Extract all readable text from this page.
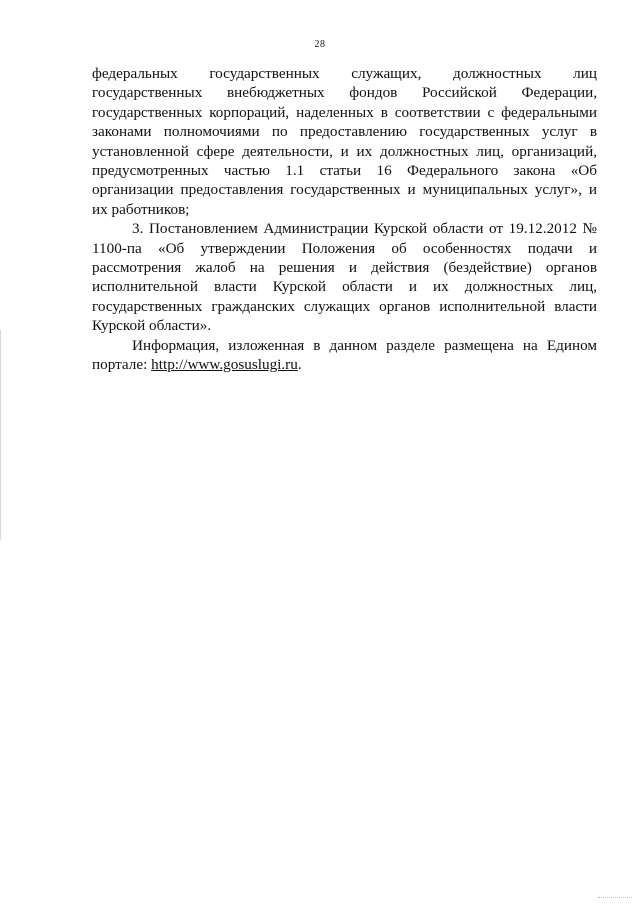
28

федеральных государственных служащих, должностных лиц государственных внебюджетных фондов Российской Федерации, государственных корпораций, наделенных в соответствии с федеральными законами полномочиями по предоставлению государственных услуг в установленной сфере деятельности, и их должностных лиц, организаций, предусмотренных частью 1.1 статьи 16 Федерального закона «Об организации предоставления государственных и муниципальных услуг», и их работников;

3. Постановлением Администрации Курской области от 19.12.2012 № 1100-па «Об утверждении Положения об особенностях подачи и рассмотрения жалоб на решения и действия (бездействие) органов исполнительной власти Курской области и их должностных лиц, государственных гражданских служащих органов исполнительной власти Курской области».

Информация, изложенная в данном разделе размещена на Едином портале: http://www.gosuslugi.ru.
